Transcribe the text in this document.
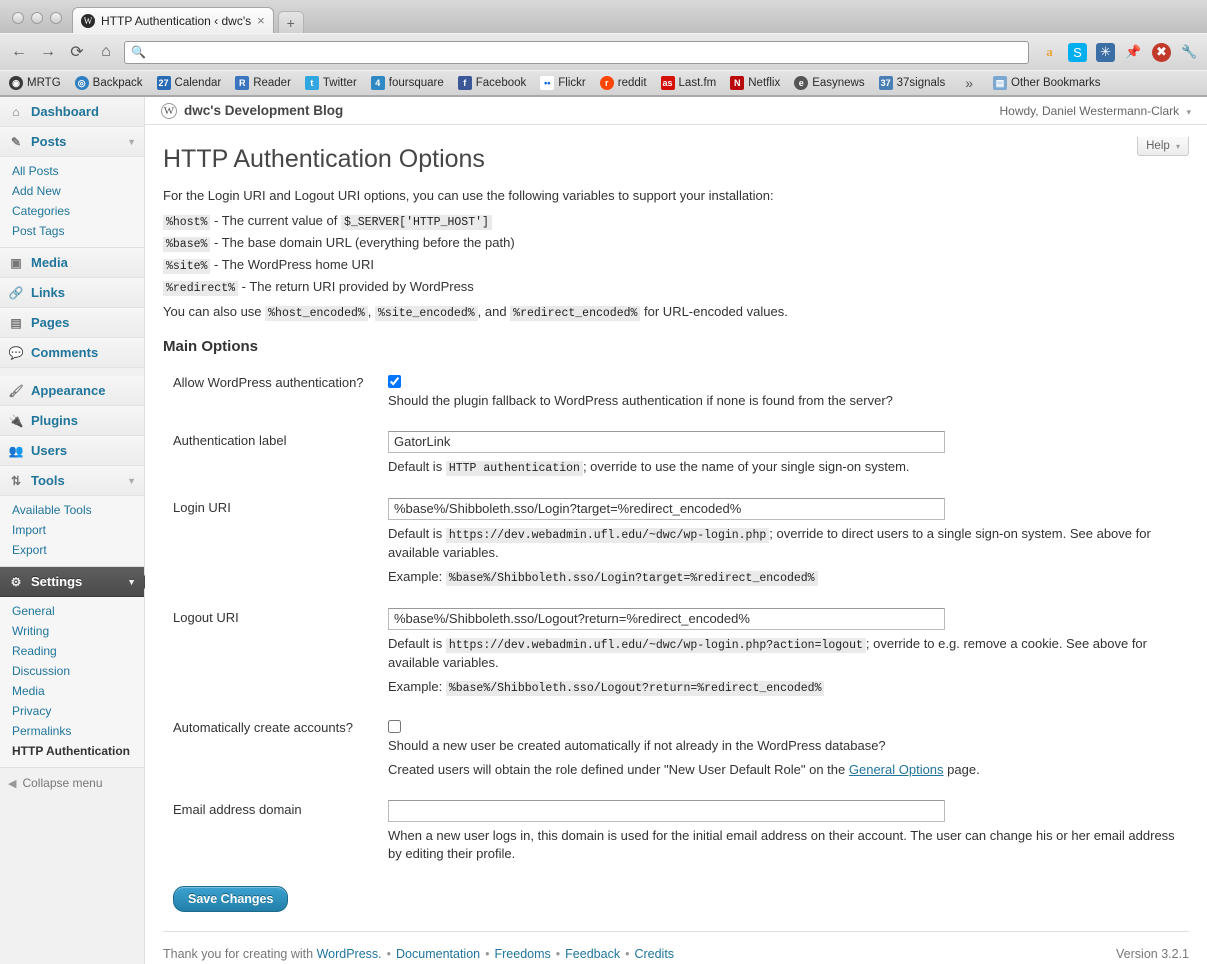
W HTTP Authentication ‹ dwc's ×	+
← → ⟳	⌂	🔍	a	S	✳	📌	✖	🔧
◉ MRTG	◎ Backpack 27 Calendar	R Reader	t Twitter	4 foursquare	f Facebook	•• Flickr	r reddit as Last.fm	N Netflix	e Easynews 37 37signals »	▤ Other Bookmarks
⌂ Dashboard
✎ Posts	▼
All Posts
Add New
Categories
Post Tags
▣ Media
🔗 Links
▤ Pages
💬 Comments
🖌 Appearance
🔌 Plugins
👥 Users
⇅ Tools	▼
Available Tools
Import
Export
⚙ Settings	▼
General
Writing
Reading
Discussion
Media
Privacy
Permalinks
HTTP Authentication
◀ Collapse menu
W dwc's Development Blog	Howdy, Daniel Westermann-Clark ▾
Help ▾
HTTP Authentication Options

For the Login URI and Logout URI options, you can use the following variables to support your installation:

%host% - The current value of $_SERVER['HTTP_HOST']
%base% - The base domain URL (everything before the path)
%site% - The WordPress home URI
%redirect% - The return URI provided by WordPress

You can also use %host_encoded% , %site_encoded% , and %redirect_encoded% for URL-encoded values.

Main Options
Allow WordPress authentication?	Should the plugin fallback to WordPress authentication if none is found from the server?

Authentication label	GatorLink
Default is HTTP authentication ; override to use the name of your single sign-on system.

Login URI	%base%/Shibboleth.sso/Login?target=%redirect_encoded%
Default is https://dev.webadmin.ufl.edu/~dwc/wp-login.php ; override to direct users to a single sign-on system. See above for available variables.
Example: %base%/Shibboleth.sso/Login?target=%redirect_encoded%

Logout URI	%base%/Shibboleth.sso/Logout?return=%redirect_encoded%
Default is https://dev.webadmin.ufl.edu/~dwc/wp-login.php?action=logout ; override to e.g. remove a cookie. See above for available variables.
Example: %base%/Shibboleth.sso/Logout?return=%redirect_encoded%

Automatically create accounts?	Should a new user be created automatically if not already in the WordPress database?
Created users will obtain the role defined under "New User Default Role" on the General Options page.

Email address domain	When a new user logs in, this domain is used for the initial email address on their account. The user can change his or her email address by editing their profile.
Save Changes
Thank you for creating with
WordPress. • Documentation • Freedoms • Feedback • Credits	Version 3.2.1
